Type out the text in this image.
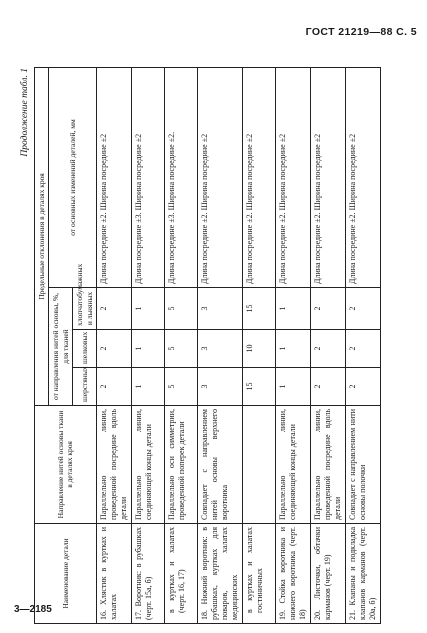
ГОСТ 21219—88 С. 5
Продолжение табл. 1
Наименование детали	Направление нитей основы ткани в деталях кроя	Предельные отклонения в деталях кроя			
		от направления нитей основы, %, для тканей			от основных изменений деталей, мм
		шерстяных	шелковых	хлопчатобумажных и льняных	
16. Хлястик в куртках и халатах	Параллельно линии, проведенной посредине вдоль детали	2	2	2	Длина посредине ±2. Ширина посредине ±2
17. Воротник: в рубашках (черт. 15а, б)	Параллельно линии, соединяющей концы детали	1	1	1	Длина посредине ±3. Ширина посредине ±2
в куртках и халатах (черт. 16, 17)	Параллельно оси симметрии, проведенной поперек детали	5	5	5	Длина посредине ±3. Ширина посредине ±2.
18. Нижний воротник: в рубашках, куртках для поваров, халатах медицинских	Совпадает с направлением нитей основы верхнего воротника	3	3	3	Длина посредине ±2. Ширина посредине ±2
в куртках и халатах гостиничных		15	10	15	Длина посредине ±2. Ширина посредине ±2
19. Стойка воротника и нижнего воротника (черт. 18)	Параллельно линии, соединяющей концы детали	1	1	1	Длина посредине ±2. Ширина посредине ±2
20. Листочки, обтачки карманов (черт. 19)	Параллельно линии, проведенной посредине вдоль детали	2	2	2	Длина посредине ±2. Ширина посредине ±2
21. Клапаны и подкладка клапанов карманов (черт. 20а, б)	Совпадает с направлением нити основы полочки	2	2	2	Длина посредине ±2. Ширина посредине ±2
3—2185
